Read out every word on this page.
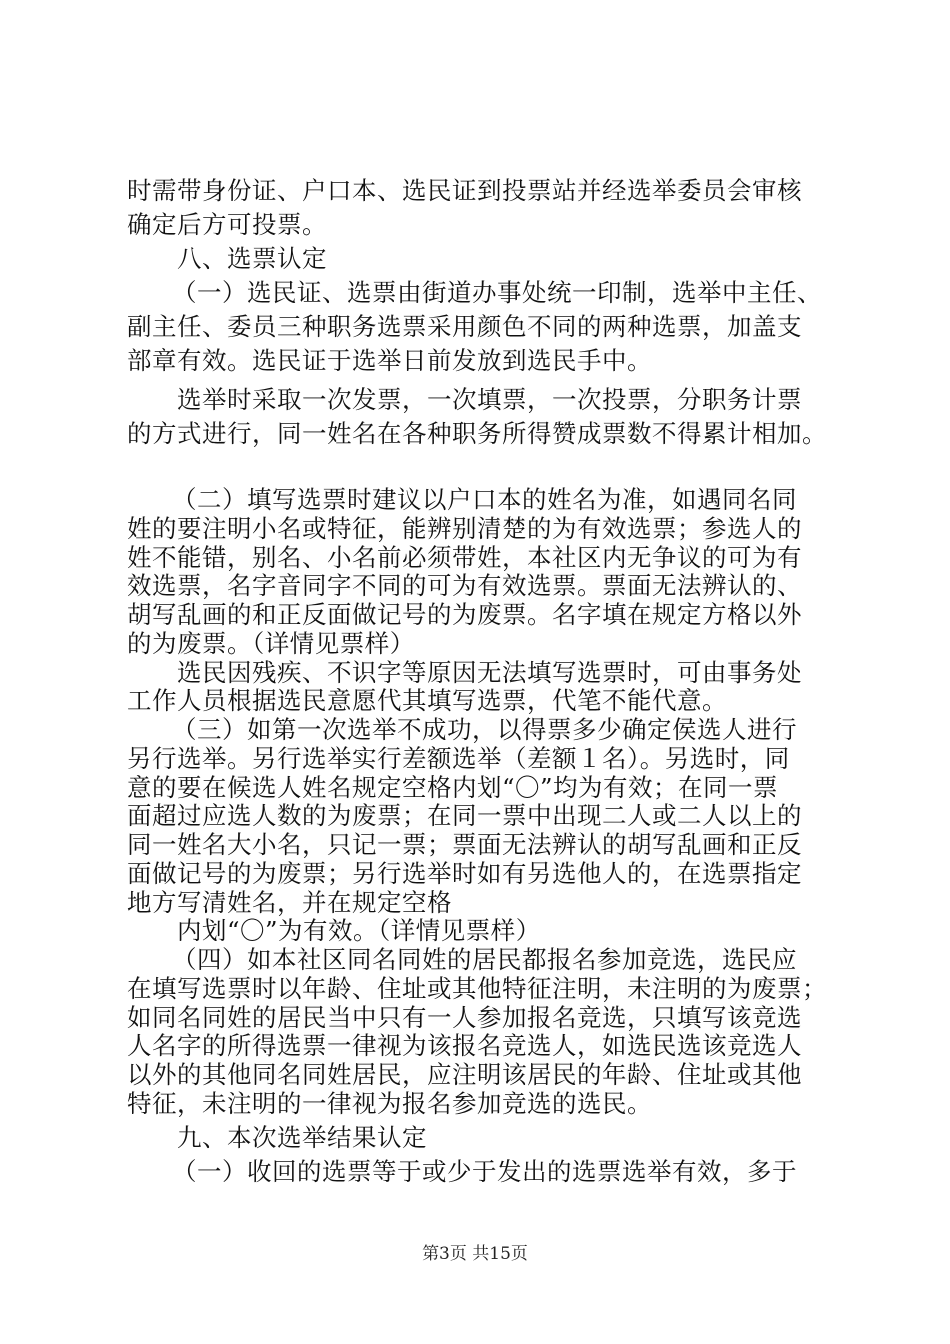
时需带身份证、户口本、选民证到投票站并经选举委员会审核
确定后方可投票。
八、选票认定
（一）选民证、选票由街道办事处统一印制，选举中主任、
副主任、委员三种职务选票采用颜色不同的两种选票，加盖支
部章有效。选民证于选举日前发放到选民手中。
选举时采取一次发票，一次填票，一次投票，分职务计票
的方式进行，同一姓名在各种职务所得赞成票数不得累计相加。
（二）填写选票时建议以户口本的姓名为准，如遇同名同
姓的要注明小名或特征，能辨别清楚的为有效选票；参选人的
姓不能错，别名、小名前必须带姓，本社区内无争议的可为有
效选票，名字音同字不同的可为有效选票。票面无法辨认的、
胡写乱画的和正反面做记号的为废票。名字填在规定方格以外
的为废票。（详情见票样）
选民因残疾、不识字等原因无法填写选票时，可由事务处
工作人员根据选民意愿代其填写选票，代笔不能代意。
（三）如第一次选举不成功，以得票多少确定侯选人进行
另行选举。另行选举实行差额选举（差额１名）。另选时，同
意的要在候选人姓名规定空格内划“〇”均为有效；在同一票
面超过应选人数的为废票；在同一票中出现二人或二人以上的
同一姓名大小名，只记一票；票面无法辨认的胡写乱画和正反
面做记号的为废票；另行选举时如有另选他人的，在选票指定
地方写清姓名，并在规定空格
内划“〇”为有效。（详情见票样）
（四）如本社区同名同姓的居民都报名参加竞选，选民应
在填写选票时以年龄、住址或其他特征注明，未注明的为废票；
如同名同姓的居民当中只有一人参加报名竞选，只填写该竞选
人名字的所得选票一律视为该报名竞选人，如选民选该竞选人
以外的其他同名同姓居民，应注明该居民的年龄、住址或其他
特征，未注明的一律视为报名参加竞选的选民。
九、本次选举结果认定
（一）收回的选票等于或少于发出的选票选举有效，多于
第3页 共15页
